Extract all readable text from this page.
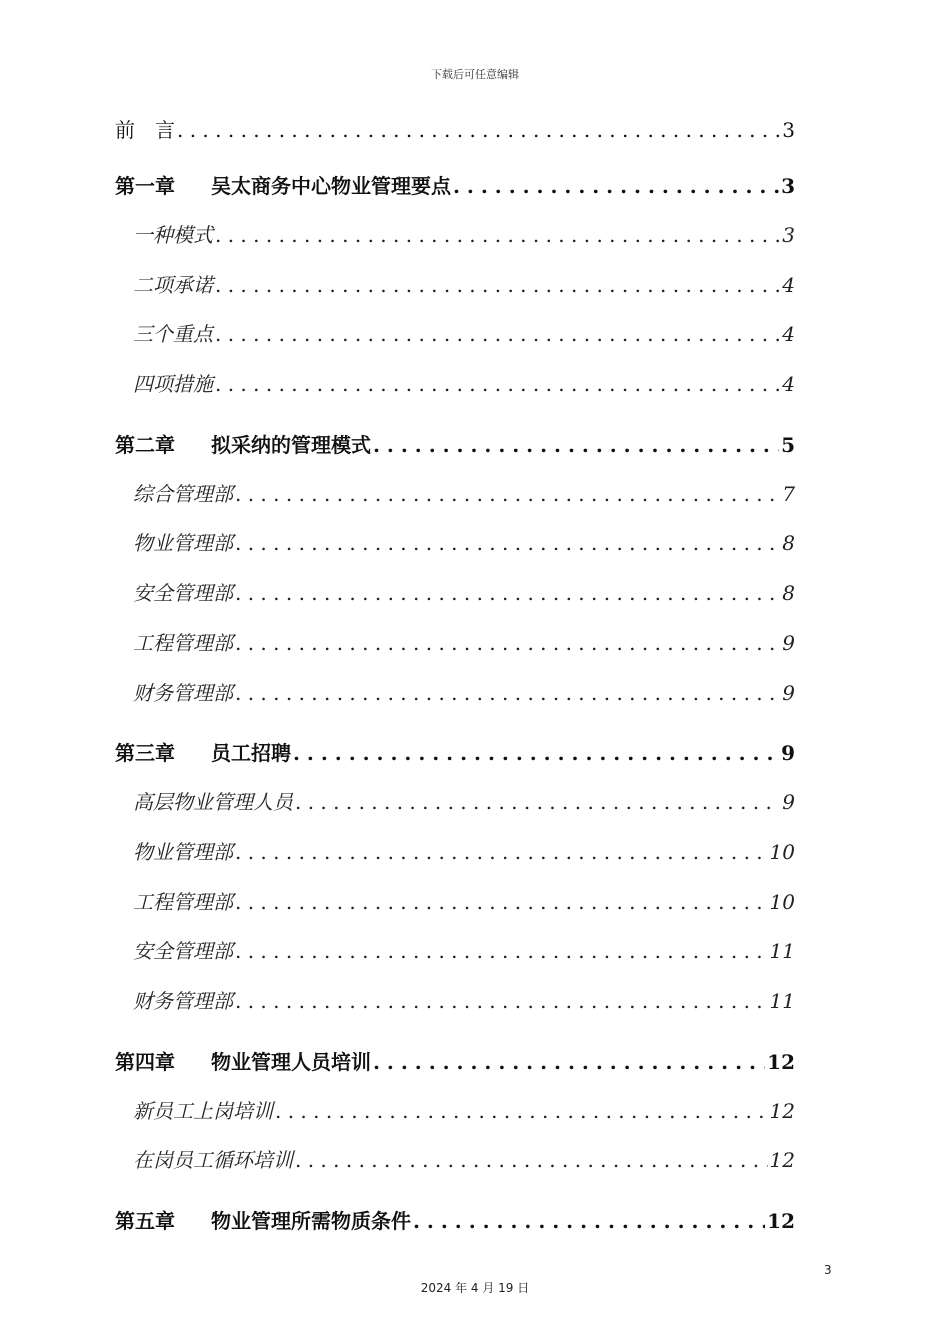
下载后可任意编辑
前　言 . . .	3
第一章	吴太商务中心物业管理要点 . . .	3
一种模式 . . .	3
二项承诺 . . .	4
三个重点 . . .	4
四项措施 . . .	4
第二章	拟采纳的管理模式 . . .	5
综合管理部 . . .	7
物业管理部 . . .	8
安全管理部 . . .	8
工程管理部 . . .	9
财务管理部 . . .	9
第三章	员工招聘 . . .	9
高层物业管理人员 . . .	9
物业管理部 . . .	10
工程管理部 . . .	10
安全管理部 . . .	11
财务管理部 . . .	11
第四章	物业管理人员培训 . . .	12
新员工上岗培训 . . .	12
在岗员工循环培训 . . .	12
第五章	物业管理所需物质条件 . . .	12
3
2024 年 4 月 19 日
